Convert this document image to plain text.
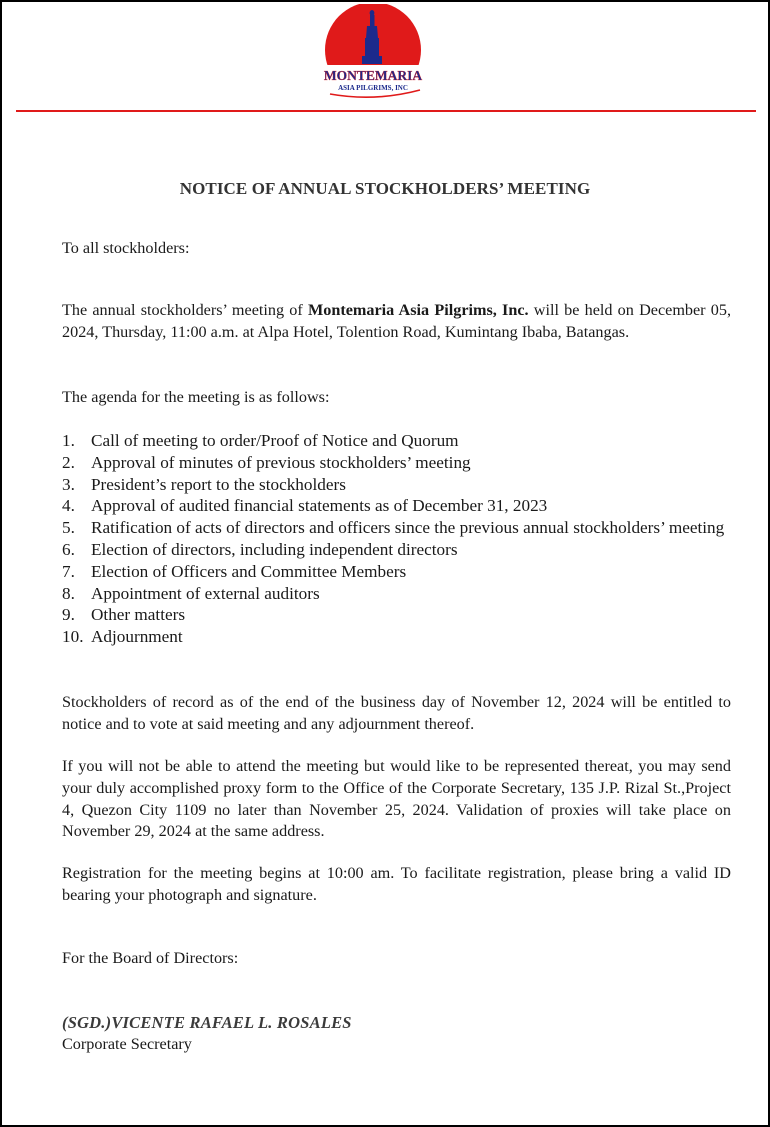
MONTEMARIA
ASIA PILGRIMS, INC
NOTICE OF ANNUAL STOCKHOLDERS’ MEETING

To all stockholders:

The annual stockholders’ meeting of Montemaria Asia Pilgrims, Inc. will be held on December 05, 2024, Thursday, 11:00 a.m. at Alpa Hotel, Tolention Road, Kumintang Ibaba, Batangas.

The agenda for the meeting is as follows:

1. Call of meeting to order/Proof of Notice and Quorum
2. Approval of minutes of previous stockholders’ meeting
3. President’s report to the stockholders
4. Approval of audited financial statements as of December 31, 2023
5. Ratification of acts of directors and officers since the previous annual stockholders’ meeting
6. Election of directors, including independent directors
7. Election of Officers and Committee Members
8. Appointment of external auditors
9. Other matters
10. Adjournment

Stockholders of record as of the end of the business day of November 12, 2024 will be entitled to notice and to vote at said meeting and any adjournment thereof.

If you will not be able to attend the meeting but would like to be represented thereat, you may send your duly accomplished proxy form to the Office of the Corporate Secretary, 135 J.P. Rizal St.,Project 4, Quezon City 1109 no later than November 25, 2024. Validation of proxies will take place on November 29, 2024 at the same address.

Registration for the meeting begins at 10:00 am. To facilitate registration, please bring a valid ID bearing your photograph and signature.

For the Board of Directors:

(SGD.)VICENTE RAFAEL L. ROSALES
Corporate Secretary
